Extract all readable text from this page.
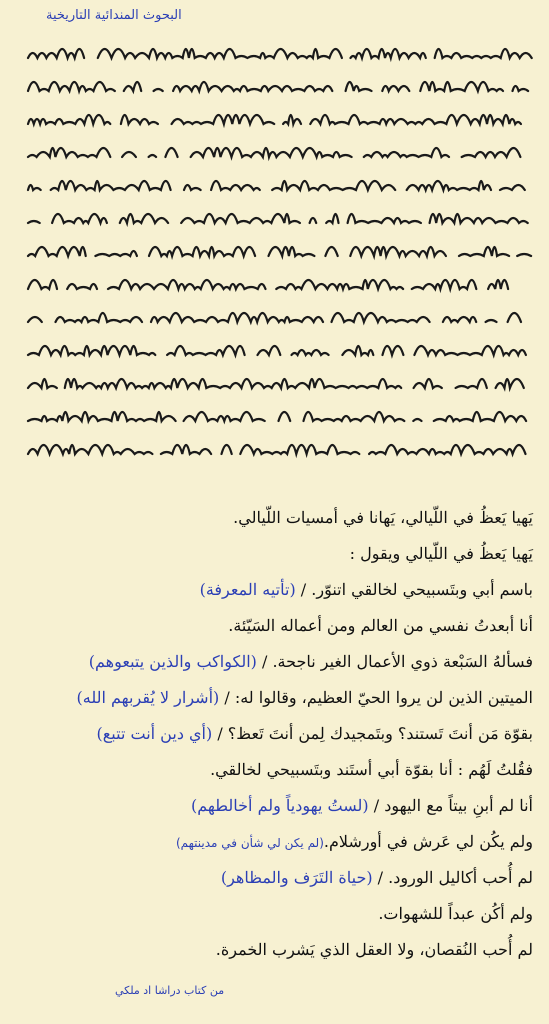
البحوث المندائية التاريخية
يَهيا يَعظُ في اللّيالي، يَهانا في أمسيات اللّيالي.
يَهيا يَعظُ في اللّيالي ويقول :
باسم أبي وبتَسبيحي لخالقي اتنوّر. / (تأتيه المعرفة)
أنا أبعدتُ نفسي من العالم ومن أعماله السَيّئة.
فسألهُ السَبْعة ذوي الأعمال الغير ناجحة. / (الكواكب والذين يتبعوهم)
الميتين الذين لن يروا الحيّ العظيم، وقالوا له: / (أشرار لا يُقربهم الله)
بقوّة مَن أنتَ تَستند؟ وبتَمجيدك لِمن أنتَ تَعظ؟ / (أي دين أنت تتبع)
فقُلتُ لَهُم : أنا بقوّة أبي أستَند وبتَسبيحي لخالقي.
أنا لم أبنِ بيتاً مع اليهود / (لستُ يهودياً ولم أخالطهم)
ولم يكُن لي عَرش في أورشلام.(لم يكن لي شأن في مدينتهم)
لم أُحب أكاليل الورود. / (حياة التَرَف والمظاهر)
ولم أكُن عبداً للشهوات.
لم أُحب النُقصان، ولا العقل الذي يَشرب الخمرة.
من كتاب دراشا اد ملكي
